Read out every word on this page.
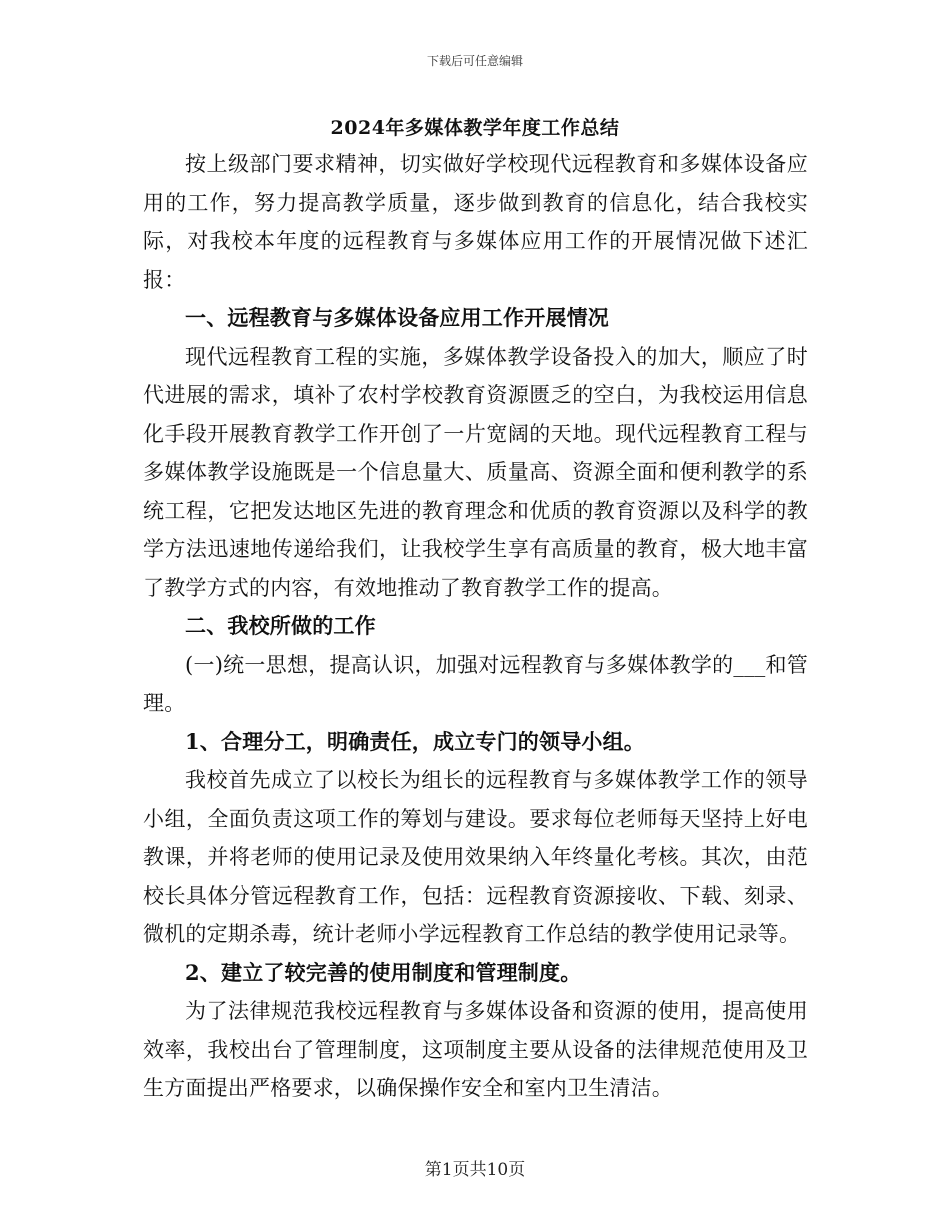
下载后可任意编辑
2024年多媒体教学年度工作总结

按上级部门要求精神，切实做好学校现代远程教育和多媒体设备应用的工作，努力提高教学质量，逐步做到教育的信息化，结合我校实际，对我校本年度的远程教育与多媒体应用工作的开展情况做下述汇报：

一、远程教育与多媒体设备应用工作开展情况

现代远程教育工程的实施，多媒体教学设备投入的加大，顺应了时代进展的需求，填补了农村学校教育资源匮乏的空白，为我校运用信息化手段开展教育教学工作开创了一片宽阔的天地。现代远程教育工程与多媒体教学设施既是一个信息量大、质量高、资源全面和便利教学的系统工程，它把发达地区先进的教育理念和优质的教育资源以及科学的教学方法迅速地传递给我们，让我校学生享有高质量的教育，极大地丰富了教学方式的内容，有效地推动了教育教学工作的提高。

二、我校所做的工作

(一)统一思想，提高认识，加强对远程教育与多媒体教学的___和管理。

1、合理分工，明确责任，成立专门的领导小组。

我校首先成立了以校长为组长的远程教育与多媒体教学工作的领导小组，全面负责这项工作的筹划与建设。要求每位老师每天坚持上好电教课，并将老师的使用记录及使用效果纳入年终量化考核。其次，由范校长具体分管远程教育工作，包括：远程教育资源接收、下载、刻录、微机的定期杀毒，统计老师小学远程教育工作总结的教学使用记录等。

2、建立了较完善的使用制度和管理制度。

为了法律规范我校远程教育与多媒体设备和资源的使用，提高使用效率，我校出台了管理制度，这项制度主要从设备的法律规范使用及卫生方面提出严格要求，以确保操作安全和室内卫生清洁。

第1页共10页
